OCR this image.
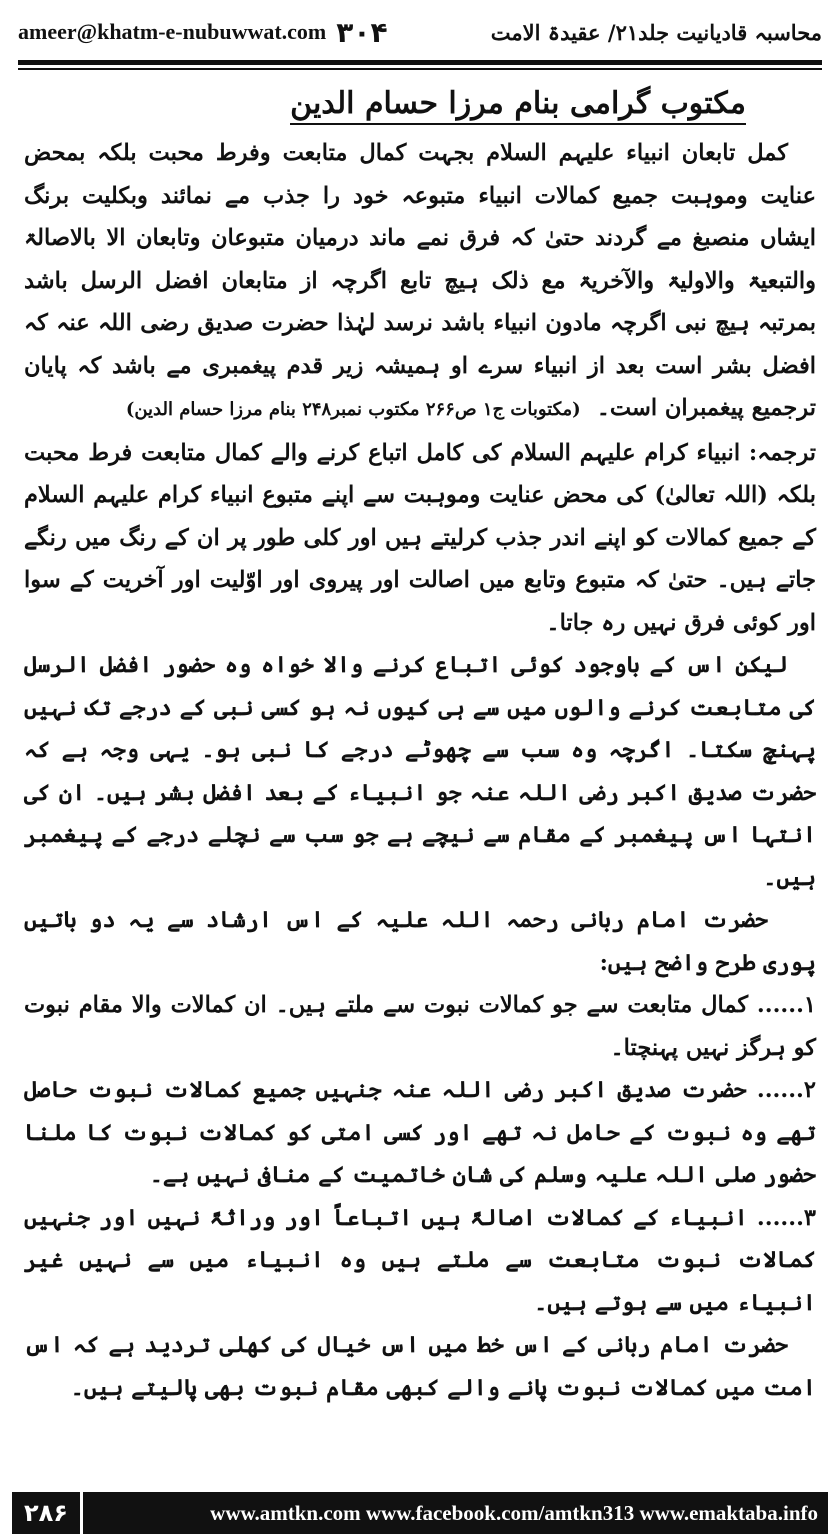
ameer@khatm-e-nubuwwat.com ۳۰۴	محاسبہ قادیانیت جلد۲۱/ عقیدۃ الامت
مکتوب گرامی بنام مرزا حسام الدین

کمل تابعان انبیاء علیہم السلام بجہت کمال متابعت وفرط محبت بلکہ بمحض عنایت وموہبت جمیع کمالات انبیاء متبوعہ خود را جذب مے نمائند وبکلیت برنگ ایشاں منصبغ مے گردند حتیٰ کہ فرق نمے ماند درمیان متبوعان وتابعان الا بالاصالۃ والتبعیۃ والاولیۃ والآخریۃ مع ذلک ہیچ تابع اگرچہ از متابعان افضل الرسل باشد بمرتبہ ہیچ نبی اگرچہ مادون انبیاء باشد نرسد لہٰذا حضرت صدیق رضی اللہ عنہ کہ افضل بشر است بعد از انبیاء سرے او ہمیشہ زیر قدم پیغمبری مے باشد کہ پایان ترجمیع پیغمبران است۔(مکتوبات ج۱ ص۲۶۶ مکتوب نمبر۲۴۸ بنام مرزا حسام الدین)

ترجمہ: انبیاء کرام علیہم السلام کی کامل اتباع کرنے والے کمال متابعت فرط محبت بلکہ (اللہ تعالیٰ) کی محض عنایت وموہبت سے اپنے متبوع انبیاء کرام علیہم السلام کے جمیع کمالات کو اپنے اندر جذب کرلیتے ہیں اور کلی طور پر ان کے رنگ میں رنگے جاتے ہیں۔ حتیٰ کہ متبوع وتابع میں اصالت اور پیروی اور اوّلیت اور آخریت کے سوا اور کوئی فرق نہیں رہ جاتا۔

لیکن اس کے باوجود کوئی اتباع کرنے والا خواہ وہ حضور افضل الرسل کی متابعت کرنے والوں میں سے ہی کیوں نہ ہو کسی نبی کے درجے تک نہیں پہنچ سکتا۔ اگرچہ وہ سب سے چھوٹے درجے کا نبی ہو۔ یہی وجہ ہے کہ حضرت صدیق اکبر رضی اللہ عنہ جو انبیاء کے بعد افضل بشر ہیں۔ ان کی انتہا اس پیغمبر کے مقام سے نیچے ہے جو سب سے نچلے درجے کے پیغمبر ہیں۔

حضرت امام ربانی رحمہ اللہ علیہ کے اس ارشاد سے یہ دو باتیں پوری طرح واضح ہیں:

۱...... کمال متابعت سے جو کمالات نبوت سے ملتے ہیں۔ ان کمالات والا مقام نبوت کو ہرگز نہیں پہنچتا۔

۲...... حضرت صدیق اکبر رضی اللہ عنہ جنہیں جمیع کمالات نبوت حاصل تھے وہ نبوت کے حامل نہ تھے اور کسی امتی کو کمالات نبوت کا ملنا حضور صلی اللہ علیہ وسلم کی شان خاتمیت کے منافی نہیں ہے۔

۳...... انبیاء کے کمالات اصالۃً ہیں اتباعاً اور وراثۃً نہیں اور جنہیں کمالات نبوت متابعت سے ملتے ہیں وہ انبیاء میں سے نہیں غیر انبیاء میں سے ہوتے ہیں۔

حضرت امام ربانی کے اس خط میں اس خیال کی کھلی تردید ہے کہ اس امت میں کمالات نبوت پانے والے کبھی مقام نبوت بھی پالیتے ہیں۔

۲۸۶	www.amtkn.com www.facebook.com/amtkn313 www.emaktaba.info
